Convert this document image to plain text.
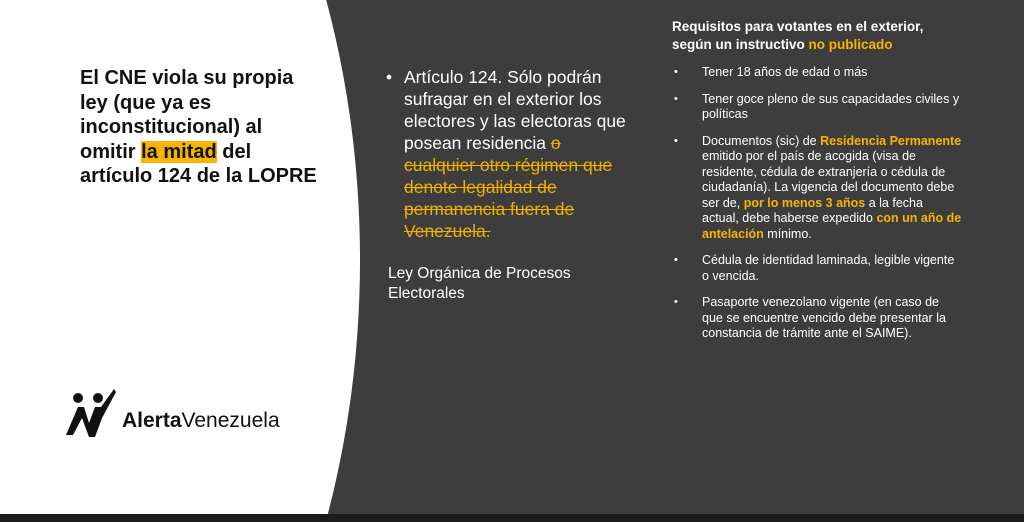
El CNE viola su propia ley (que ya es inconstitucional) al omitir la mitad del artículo 124 de la LOPRE

• Artículo 124. Sólo podrán sufragar en el exterior los electores y las electoras que posean residencia o cualquier otro régimen que denote legalidad de permanencia fuera de Venezuela.

Ley Orgánica de Procesos Electorales

Requisitos para votantes en el exterior, según un instructivo no publicado

•	Tener 18 años de edad o más
•	Tener goce pleno de sus capacidades civiles y políticas
•	Documentos (sic) de Residencia Permanente emitido por el país de acogida (visa de residente, cédula de extranjería o cédula de ciudadanía). La vigencia del documento debe ser de, por lo menos 3 años a la fecha actual, debe haberse expedido con un año de antelación mínimo.
•	Cédula de identidad laminada, legible vigente o vencida.
•	Pasaporte venezolano vigente (en caso de que se encuentre vencido debe presentar la constancia de trámite ante el SAIME).
AlertaVenezuela
